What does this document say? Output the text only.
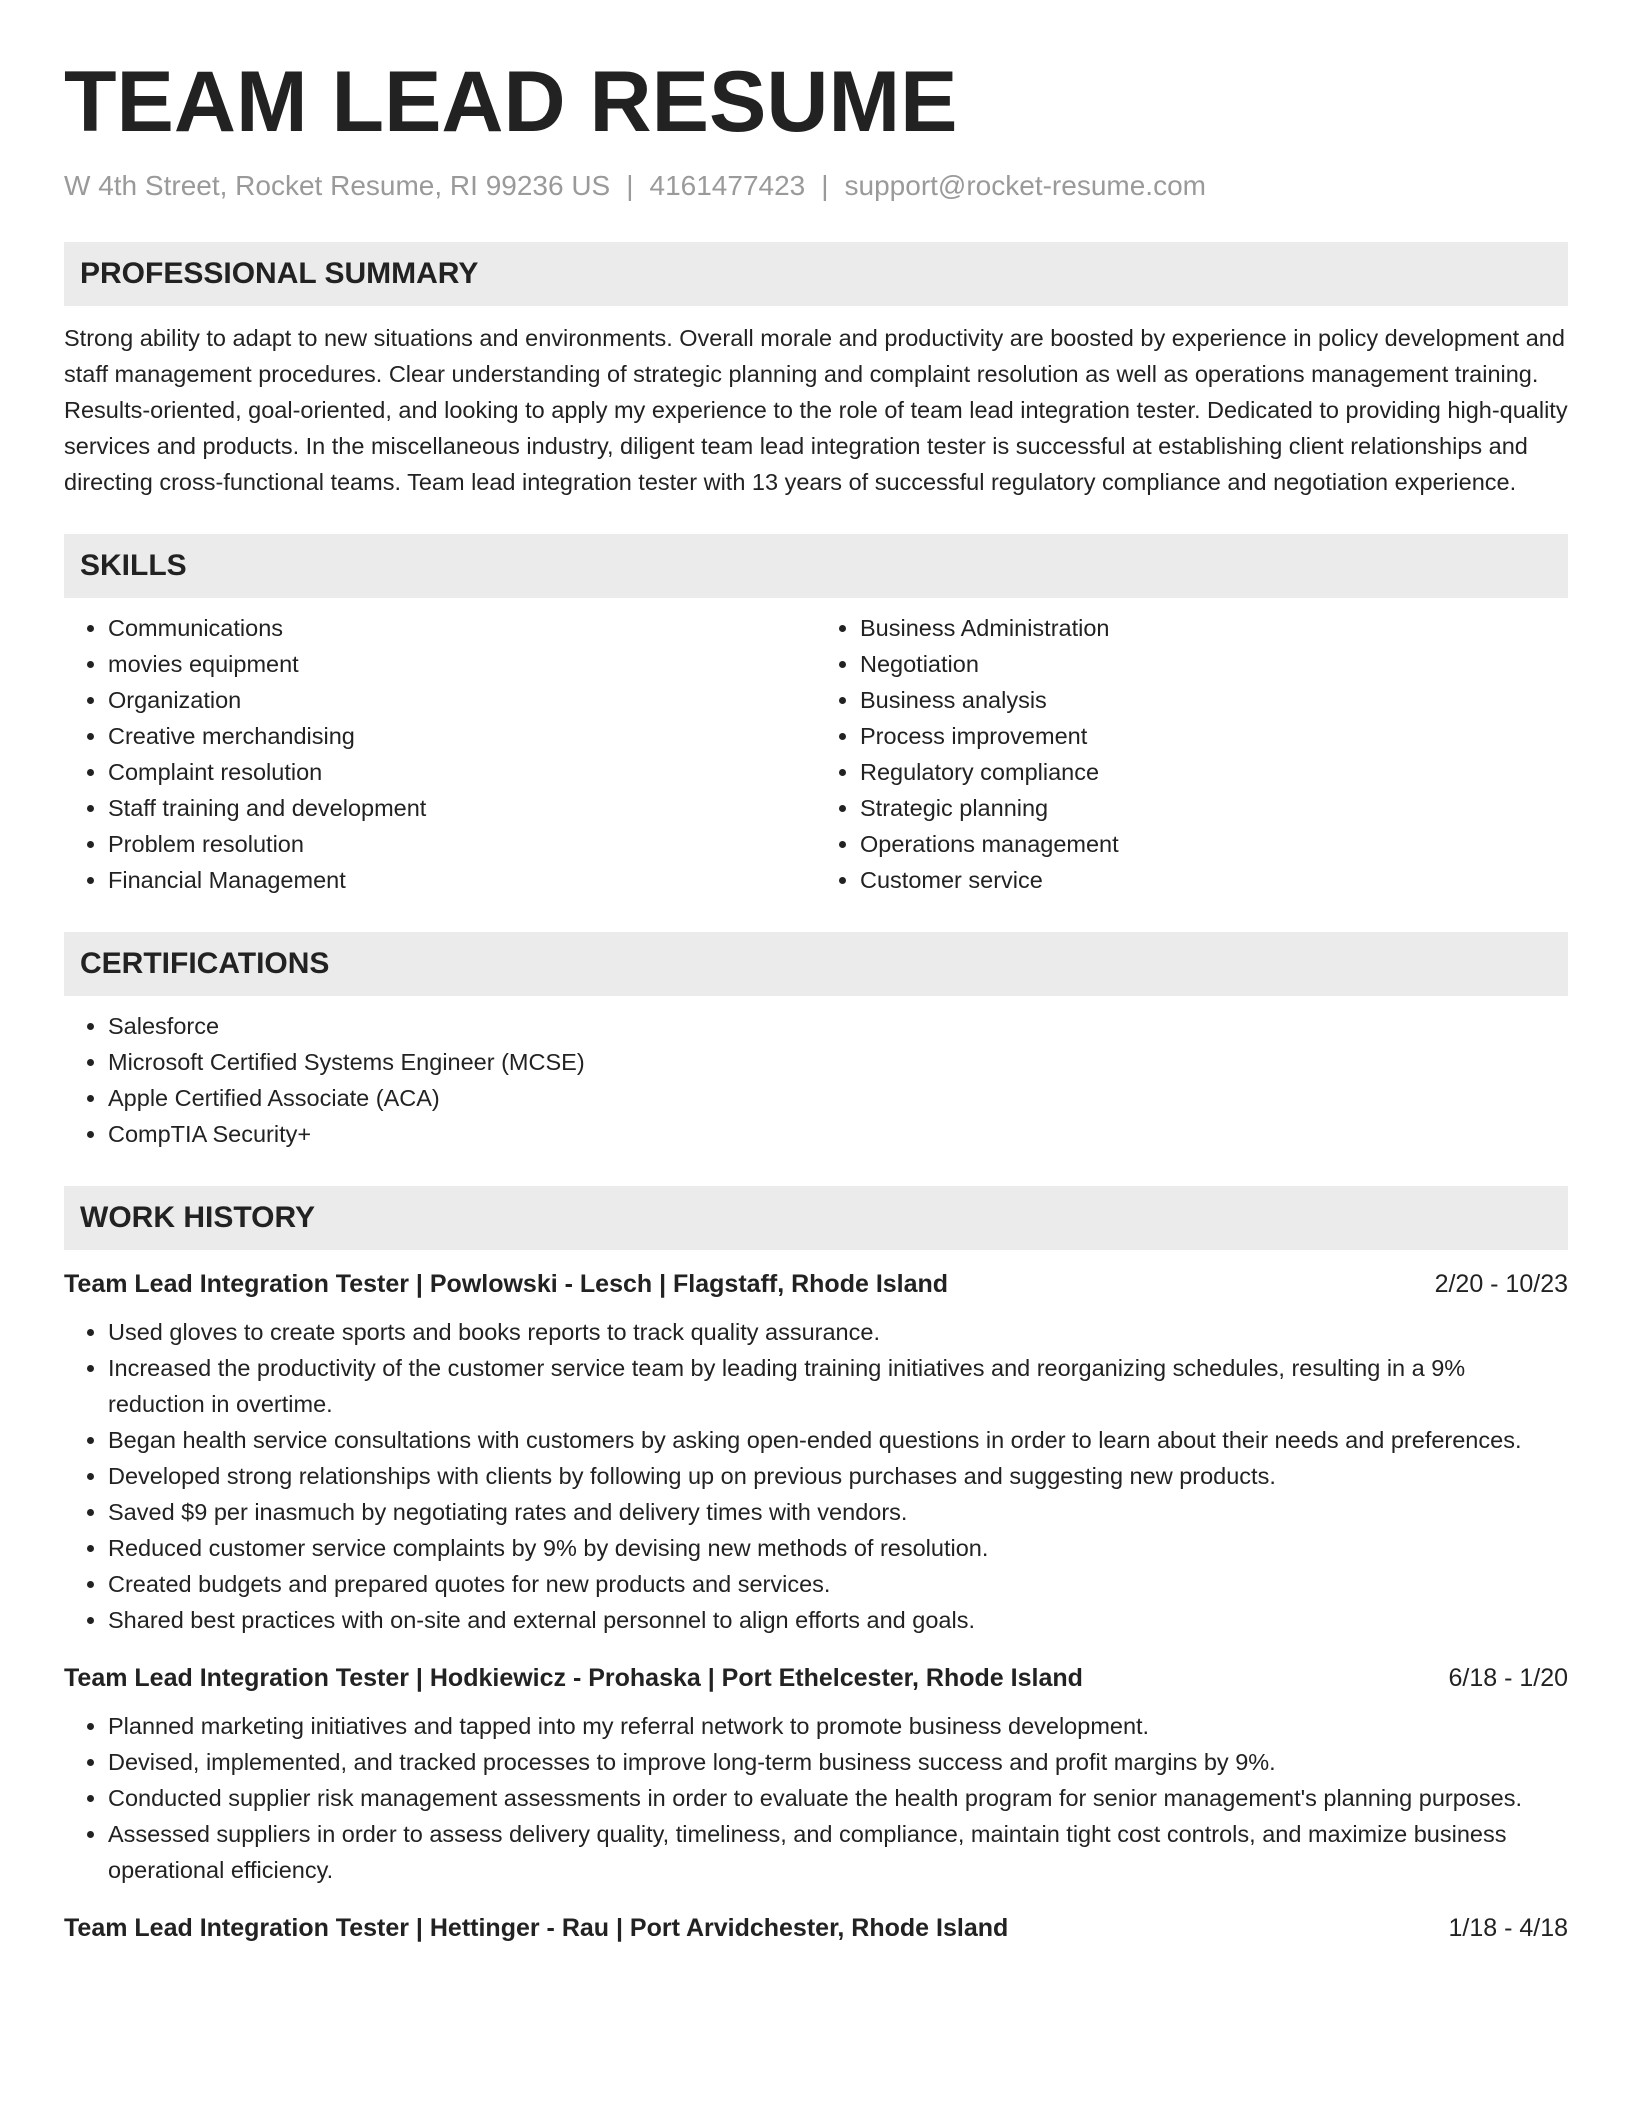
TEAM LEAD RESUME
W 4th Street, Rocket Resume, RI 99236 US | 4161477423 | support@rocket-resume.com
PROFESSIONAL SUMMARY
Strong ability to adapt to new situations and environments. Overall morale and productivity are boosted by experience in policy development and staff management procedures. Clear understanding of strategic planning and complaint resolution as well as operations management training. Results-oriented, goal-oriented, and looking to apply my experience to the role of team lead integration tester. Dedicated to providing high-quality services and products. In the miscellaneous industry, diligent team lead integration tester is successful at establishing client relationships and directing cross-functional teams. Team lead integration tester with 13 years of successful regulatory compliance and negotiation experience.
SKILLS
• Communications
• movies equipment
• Organization
• Creative merchandising
• Complaint resolution
• Staff training and development
• Problem resolution
• Financial Management
• Business Administration
• Negotiation
• Business analysis
• Process improvement
• Regulatory compliance
• Strategic planning
• Operations management
• Customer service
CERTIFICATIONS
• Salesforce
• Microsoft Certified Systems Engineer (MCSE)
• Apple Certified Associate (ACA)
• CompTIA Security+
WORK HISTORY
Team Lead Integration Tester | Powlowski - Lesch | Flagstaff, Rhode Island	2/20 - 10/23
• Used gloves to create sports and books reports to track quality assurance.
• Increased the productivity of the customer service team by leading training initiatives and reorganizing schedules, resulting in a 9% reduction in overtime.
• Began health service consultations with customers by asking open-ended questions in order to learn about their needs and preferences.
• Developed strong relationships with clients by following up on previous purchases and suggesting new products.
• Saved $9 per inasmuch by negotiating rates and delivery times with vendors.
• Reduced customer service complaints by 9% by devising new methods of resolution.
• Created budgets and prepared quotes for new products and services.
• Shared best practices with on-site and external personnel to align efforts and goals.
Team Lead Integration Tester | Hodkiewicz - Prohaska | Port Ethelcester, Rhode Island	6/18 - 1/20
• Planned marketing initiatives and tapped into my referral network to promote business development.
• Devised, implemented, and tracked processes to improve long-term business success and profit margins by 9%.
• Conducted supplier risk management assessments in order to evaluate the health program for senior management's planning purposes.
• Assessed suppliers in order to assess delivery quality, timeliness, and compliance, maintain tight cost controls, and maximize business operational efficiency.
Team Lead Integration Tester | Hettinger - Rau | Port Arvidchester, Rhode Island	1/18 - 4/18
